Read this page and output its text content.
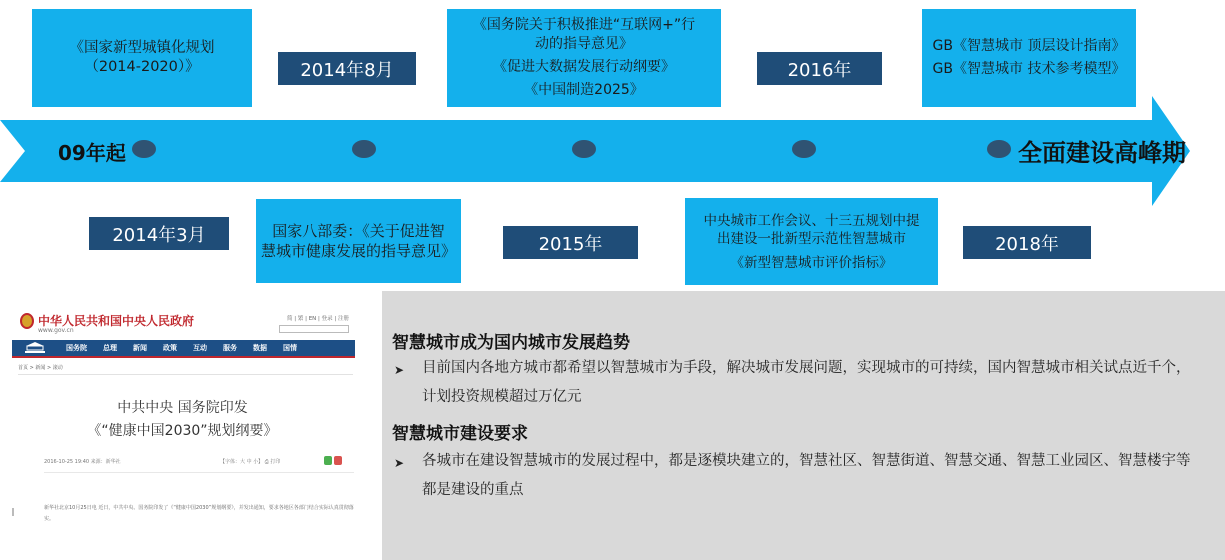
09年起	全面建设高峰期
《国家新型城镇化规划
（2014-2020）》	2014年8月
《国务院关于积极推进“互联网+”行
动的指导意见》
《促进大数据发展行动纲要》
《中国制造2025》
2016年
GB《智慧城市 顶层设计指南》
GB《智慧城市 技术参考模型》
2014年3月	国家八部委：《关于促进智
慧城市健康发展的指导意见》	2015年
中央城市工作会议、十三五规划中提
出建设一批新型示范性智慧城市
《新型智慧城市评价指标》
2018年
中华人民共和国中央人民政府
www.gov.cn
简 | 繁 | EN | 登录 | 注册
国务院 总理 新闻 政策 互动 服务 数据 国情
首页 > 新闻 > 滚动
中共中央 国务院印发
《“健康中国2030”规划纲要》
2016-10-25 19:40 来源：新华社	【字体：大 中 小】 ⎙ 打印
新华社北京10月25日电 近日，中共中央、国务院印发了《“健康中国2030”规划纲要》，并发出通知，要求各地区各部门结合实际认真贯彻落实。
智慧城市成为国内城市发展趋势
➤ 目前国内各地方城市都希望以智慧城市为手段，解决城市发展问题，实现城市的可持续，国内智慧城市相关试点近千个，计划投资规模超过万亿元
智慧城市建设要求
➤ 各城市在建设智慧城市的发展过程中，都是逐模块建立的，智慧社区、智慧街道、智慧交通、智慧工业园区、智慧楼宇等都是建设的重点
